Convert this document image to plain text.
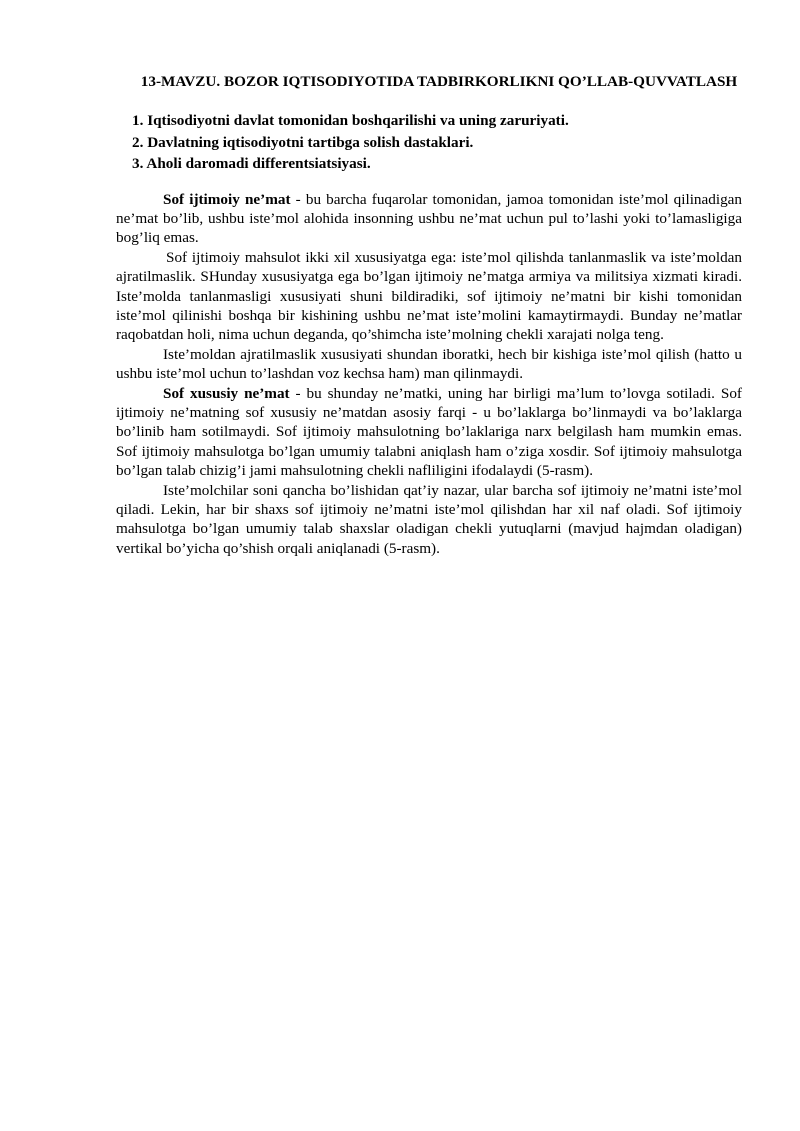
13-MAVZU. BOZOR IQTISODIYOTIDA TADBIRKORLIKNI QO’LLAB-QUVVATLASH
1. Iqtisodiyotni davlat tomonidan boshqarilishi va uning zaruriyati.
2. Davlatning iqtisodiyotni tartibga solish dastaklari.
3. Aholi daromadi differentsiatsiyasi.

Sof ijtimoiy ne’mat - bu barcha fuqarolar tomonidan, jamoa tomonidan iste’mol qilinadigan ne’mat bo’lib, ushbu iste’mol alohida insonning ushbu ne’mat uchun pul to’lashi yoki to’lamasligiga bog’liq emas.

Sof ijtimoiy mahsulot ikki xil xususiyatga ega: iste’mol qilishda tanlanmaslik va iste’moldan ajratilmaslik. SHunday xususiyatga ega bo’lgan ijtimoiy ne’matga armiya va militsiya xizmati kiradi. Iste’molda tanlanmasligi xususiyati shuni bildiradiki, sof ijtimoiy ne’matni bir kishi tomonidan iste’mol qilinishi boshqa bir kishining ushbu ne’mat iste’molini kamaytirmaydi. Bunday ne’matlar raqobatdan holi, nima uchun deganda, qo’shimcha iste’molning chekli xarajati nolga teng.

Iste’moldan ajratilmaslik xususiyati shundan iboratki, hech bir kishiga iste’mol qilish (hatto u ushbu iste’mol uchun to’lashdan voz kechsa ham) man qilinmaydi.

Sof xususiy ne’mat - bu shunday ne’matki, uning har birligi ma’lum to’lovga sotiladi. Sof ijtimoiy ne’matning sof xususiy ne’matdan asosiy farqi - u bo’laklarga bo’linmaydi va bo’laklarga bo’linib ham sotilmaydi. Sof ijtimoiy mahsulotning bo’laklariga narx belgilash ham mumkin emas. Sof ijtimoiy mahsulotga bo’lgan umumiy talabni aniqlash ham o’ziga xosdir. Sof ijtimoiy mahsulotga bo’lgan talab chizig’i jami mahsulotning chekli nafliligini ifodalaydi (5-rasm).

Iste’molchilar soni qancha bo’lishidan qat’iy nazar, ular barcha sof ijtimoiy ne’matni iste’mol qiladi. Lekin, har bir shaxs sof ijtimoiy ne’matni iste’mol qilishdan har xil naf oladi. Sof ijtimoiy mahsulotga bo’lgan umumiy talab shaxslar oladigan chekli yutuqlarni (mavjud hajmdan oladigan) vertikal bo’yicha qo’shish orqali aniqlanadi (5-rasm).
